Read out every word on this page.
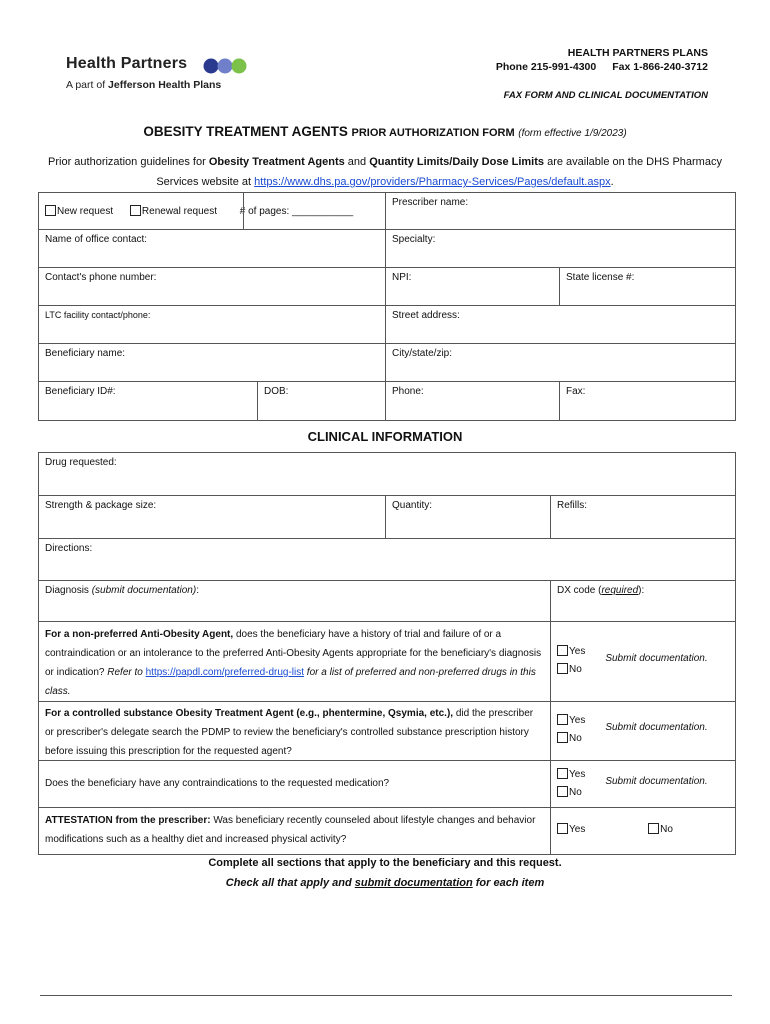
Health Partners
A part of Jefferson Health Plans
HEALTH PARTNERS PLANS
Phone 215-991-4300 Fax 1-866-240-3712
FAX FORM AND CLINICAL DOCUMENTATION
OBESITY TREATMENT AGENTS PRIOR AUTHORIZATION FORM (form effective 1/9/2023)
Prior authorization guidelines for Obesity Treatment Agents and Quantity Limits/Daily Dose Limits are available on the DHS Pharmacy Services website at https://www.dhs.pa.gov/providers/Pharmacy-Services/Pages/default.aspx.
New request	Renewal request # of pages: ___________
Prescriber name:
Name of office contact:	Specialty:
Contact's phone number:	NPI:	State license #:
LTC facility contact/phone:	Street address:
Beneficiary name:	City/state/zip:
Beneficiary ID#:	DOB:	Phone:	Fax:
CLINICAL INFORMATION
Drug requested:
Strength & package size:	Quantity:	Refills:
Directions:
Diagnosis (submit documentation):	DX code (required):
For a non-preferred Anti-Obesity Agent, does the beneficiary have a history of trial and failure of or a contraindication or an intolerance to the preferred Anti-Obesity Agents appropriate for the beneficiary's diagnosis or indication? Refer to https://papdl.com/preferred-drug-list for a list of preferred and non-preferred drugs in this class.
Yes
No
Submit documentation.
For a controlled substance Obesity Treatment Agent (e.g., phentermine, Qsymia, etc.), did the prescriber or prescriber's delegate search the PDMP to review the beneficiary's controlled substance prescription history before issuing this prescription for the requested agent?
Yes
No
Submit documentation.
Does the beneficiary have any contraindications to the requested medication?
Yes
No
Submit documentation.
ATTESTATION from the prescriber: Was beneficiary recently counseled about lifestyle changes and behavior modifications such as a healthy diet and increased physical activity?
Yes	No
Complete all sections that apply to the beneficiary and this request.
Check all that apply and submit documentation for each item
